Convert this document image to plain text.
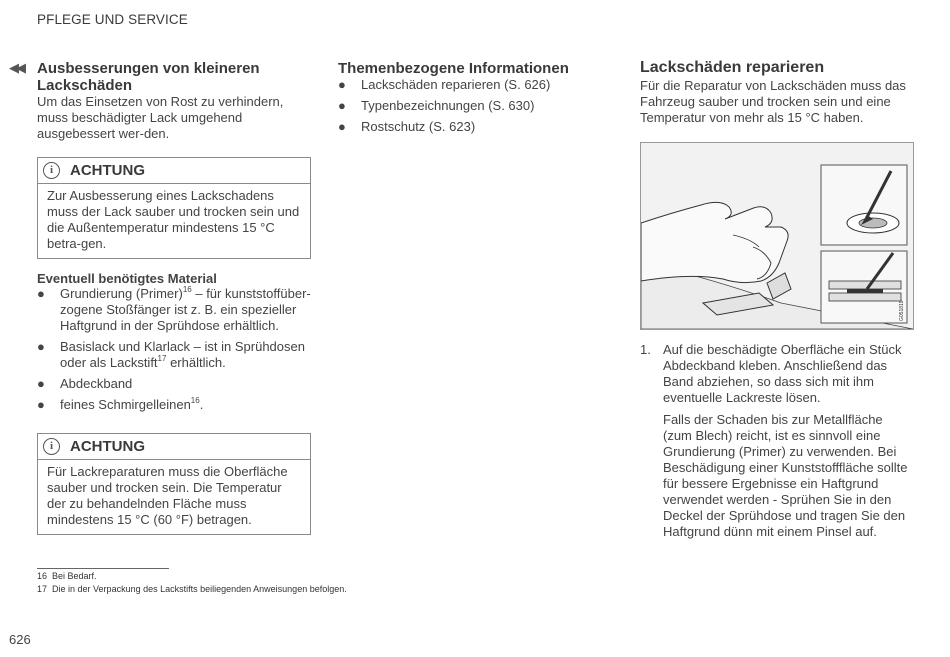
PFLEGE UND SERVICE
◀◀ Ausbesserungen von kleineren Lackschäden

Um das Einsetzen von Rost zu verhindern, muss beschädigter Lack umgehend ausgebessert wer-den.

i	ACHTUNG
Zur Ausbesserung eines Lackschadens muss der Lack sauber und trocken sein und die Außentemperatur mindestens 15 °C betra-gen.
Eventuell benötigtes Material
● Grundierung (Primer)$^{16}$ – für kunststoffüberzogene Stoßfänger ist z. B. ein spezieller Haftgrund in der Sprühdose erhältlich.
● Basislack und Klarlack – ist in Sprühdosen oder als Lackstift$^{17}$ erhältlich.
● Abdeckband
● feines Schmirgelleinen$^{16}$.
i	ACHTUNG
Für Lackreparaturen muss die Oberfläche sauber und trocken sein. Die Temperatur der zu behandelnden Fläche muss mindestens 15 °C (60 °F) betragen.
Themenbezogene Informationen
● Lackschäden reparieren (S. 626)
● Typenbezeichnungen (S. 630)
● Rostschutz (S. 623)
Lackschäden reparieren

Für die Reparatur von Lackschäden muss das Fahrzeug sauber und trocken sein und eine Temperatur von mehr als 15 °C haben.

G051819
1. Auf die beschädigte Oberfläche ein Stück Abdeckband kleben. Anschließend das Band abziehen, so dass sich mit ihm eventuelle Lackreste lösen.

Falls der Schaden bis zur Metallfläche (zum Blech) reicht, ist es sinnvoll eine Grundierung (Primer) zu verwenden. Bei Beschädigung einer Kunststofffläche sollte für bessere Ergebnisse ein Haftgrund verwendet werden - Sprühen Sie in den Deckel der Sprühdose und tragen Sie den Haftgrund dünn mit einem Pinsel auf.

16 Bei Bedarf.
17 Die in der Verpackung des Lackstifts beiliegenden Anweisungen befolgen.
626
